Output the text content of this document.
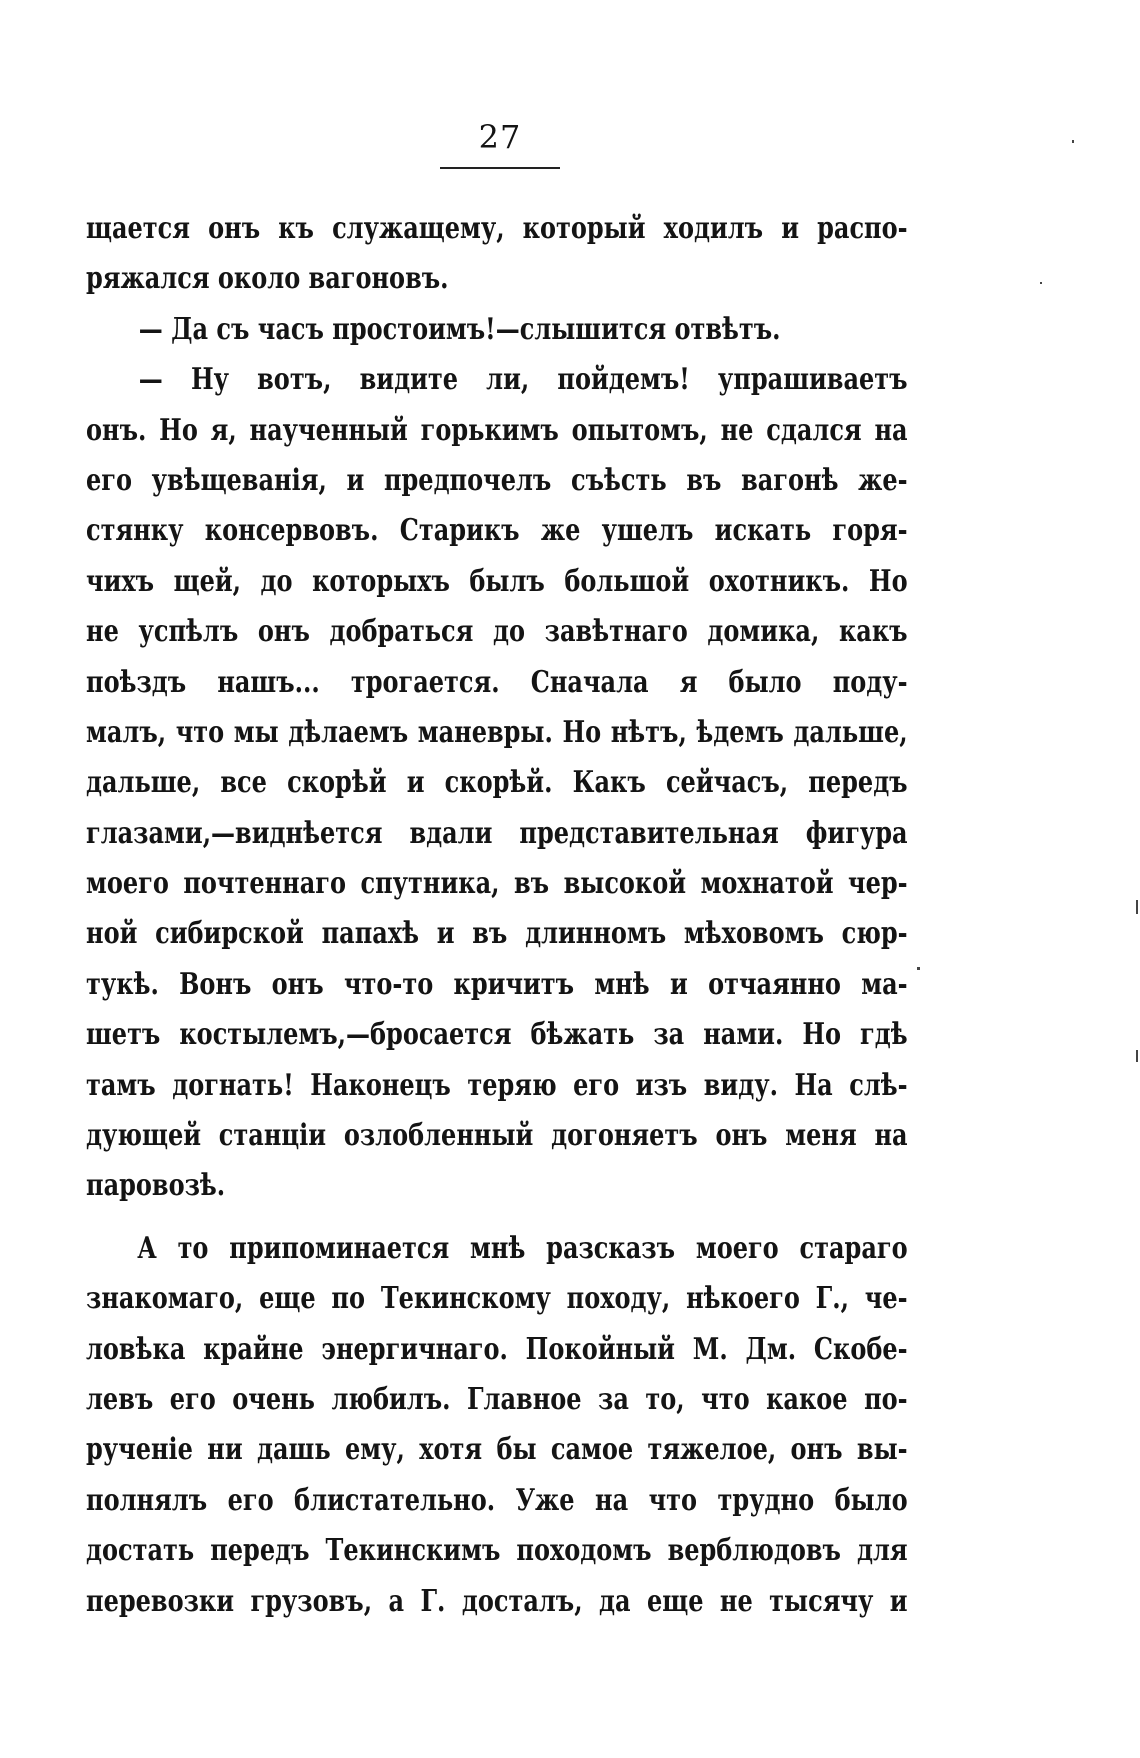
27
щается онъ къ служащему, который ходилъ и распо-
ряжался около вагоновъ.
— Да съ часъ простоимъ!—слышится отвѣтъ.
— Ну вотъ, видите ли, пойдемъ! упрашиваетъ
онъ. Но я, наученный горькимъ опытомъ, не сдался на
его увѣщеванія, и предпочелъ съѣсть въ вагонѣ же-
стянку консервовъ. Старикъ же ушелъ искать горя-
чихъ щей, до которыхъ былъ большой охотникъ. Но
не успѣлъ онъ добраться до завѣтнаго домика, какъ
поѣздъ нашъ... трогается. Сначала я было поду-
малъ, что мы дѣлаемъ маневры. Но нѣтъ, ѣдемъ дальше,
дальше, все скорѣй и скорѣй. Какъ сейчасъ, передъ
глазами,—виднѣется вдали представительная фигура
моего почтеннаго спутника, въ высокой мохнатой чер-
ной сибирской папахѣ и въ длинномъ мѣховомъ сюр-
тукѣ. Вонъ онъ что-то кричитъ мнѣ и отчаянно ма-
шетъ костылемъ,—бросается бѣжать за нами. Но гдѣ
тамъ догнать! Наконецъ теряю его изъ виду. На слѣ-
дующей станціи озлобленный догоняетъ онъ меня на
паровозѣ.
А то припоминается мнѣ разсказъ моего стараго
знакомаго, еще по Текинскому походу, нѣкоего Г., че-
ловѣка крайне энергичнаго. Покойный М. Дм. Скобе-
левъ его очень любилъ. Главное за то, что какое по-
рученіе ни дашь ему, хотя бы самое тяжелое, онъ вы-
полнялъ его блистательно. Уже на что трудно было
достать передъ Текинскимъ походомъ верблюдовъ для
перевозки грузовъ, а Г. досталъ, да еще не тысячу и
